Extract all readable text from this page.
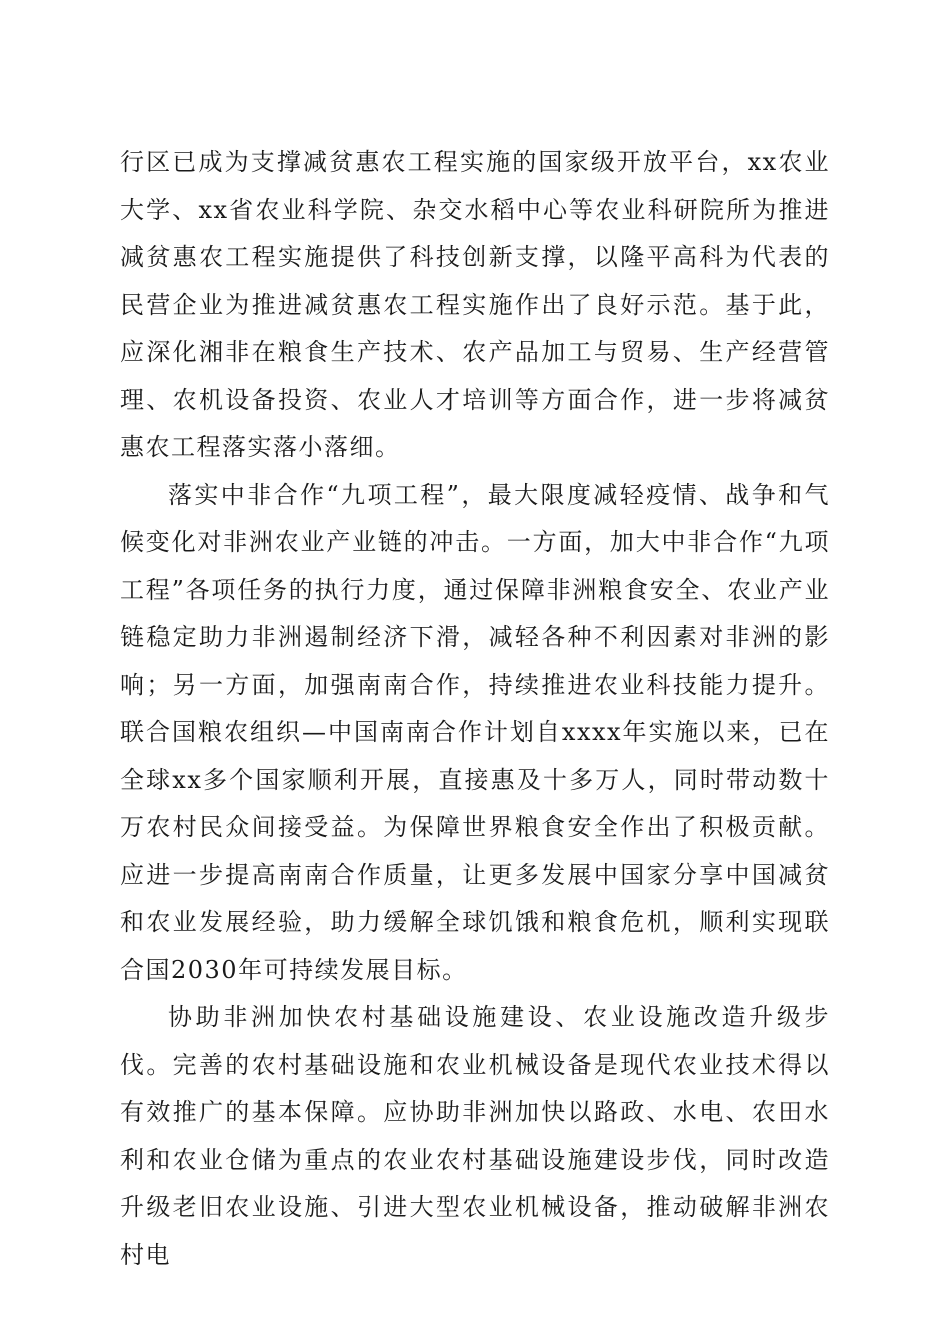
行区已成为支撑减贫惠农工程实施的国家级开放平台，xx农业大学、xx省农业科学院、杂交水稻中心等农业科研院所为推进减贫惠农工程实施提供了科技创新支撑，以隆平高科为代表的民营企业为推进减贫惠农工程实施作出了良好示范。基于此，应深化湘非在粮食生产技术、农产品加工与贸易、生产经营管理、农机设备投资、农业人才培训等方面合作，进一步将减贫惠农工程落实落小落细。

落实中非合作“九项工程”，最大限度减轻疫情、战争和气候变化对非洲农业产业链的冲击。一方面，加大中非合作“九项工程”各项任务的执行力度，通过保障非洲粮食安全、农业产业链稳定助力非洲遏制经济下滑，减轻各种不利因素对非洲的影响；另一方面，加强南南合作，持续推进农业科技能力提升。联合国粮农组织—中国南南合作计划自xxxx年实施以来，已在全球xx多个国家顺利开展，直接惠及十多万人，同时带动数十万农村民众间接受益。为保障世界粮食安全作出了积极贡献。应进一步提高南南合作质量，让更多发展中国家分享中国减贫和农业发展经验，助力缓解全球饥饿和粮食危机，顺利实现联合国2030年可持续发展目标。

协助非洲加快农村基础设施建设、农业设施改造升级步伐。完善的农村基础设施和农业机械设备是现代农业技术得以有效推广的基本保障。应协助非洲加快以路政、水电、农田水利和农业仓储为重点的农业农村基础设施建设步伐，同时改造升级老旧农业设施、引进大型农业机械设备，推动破解非洲农村电
